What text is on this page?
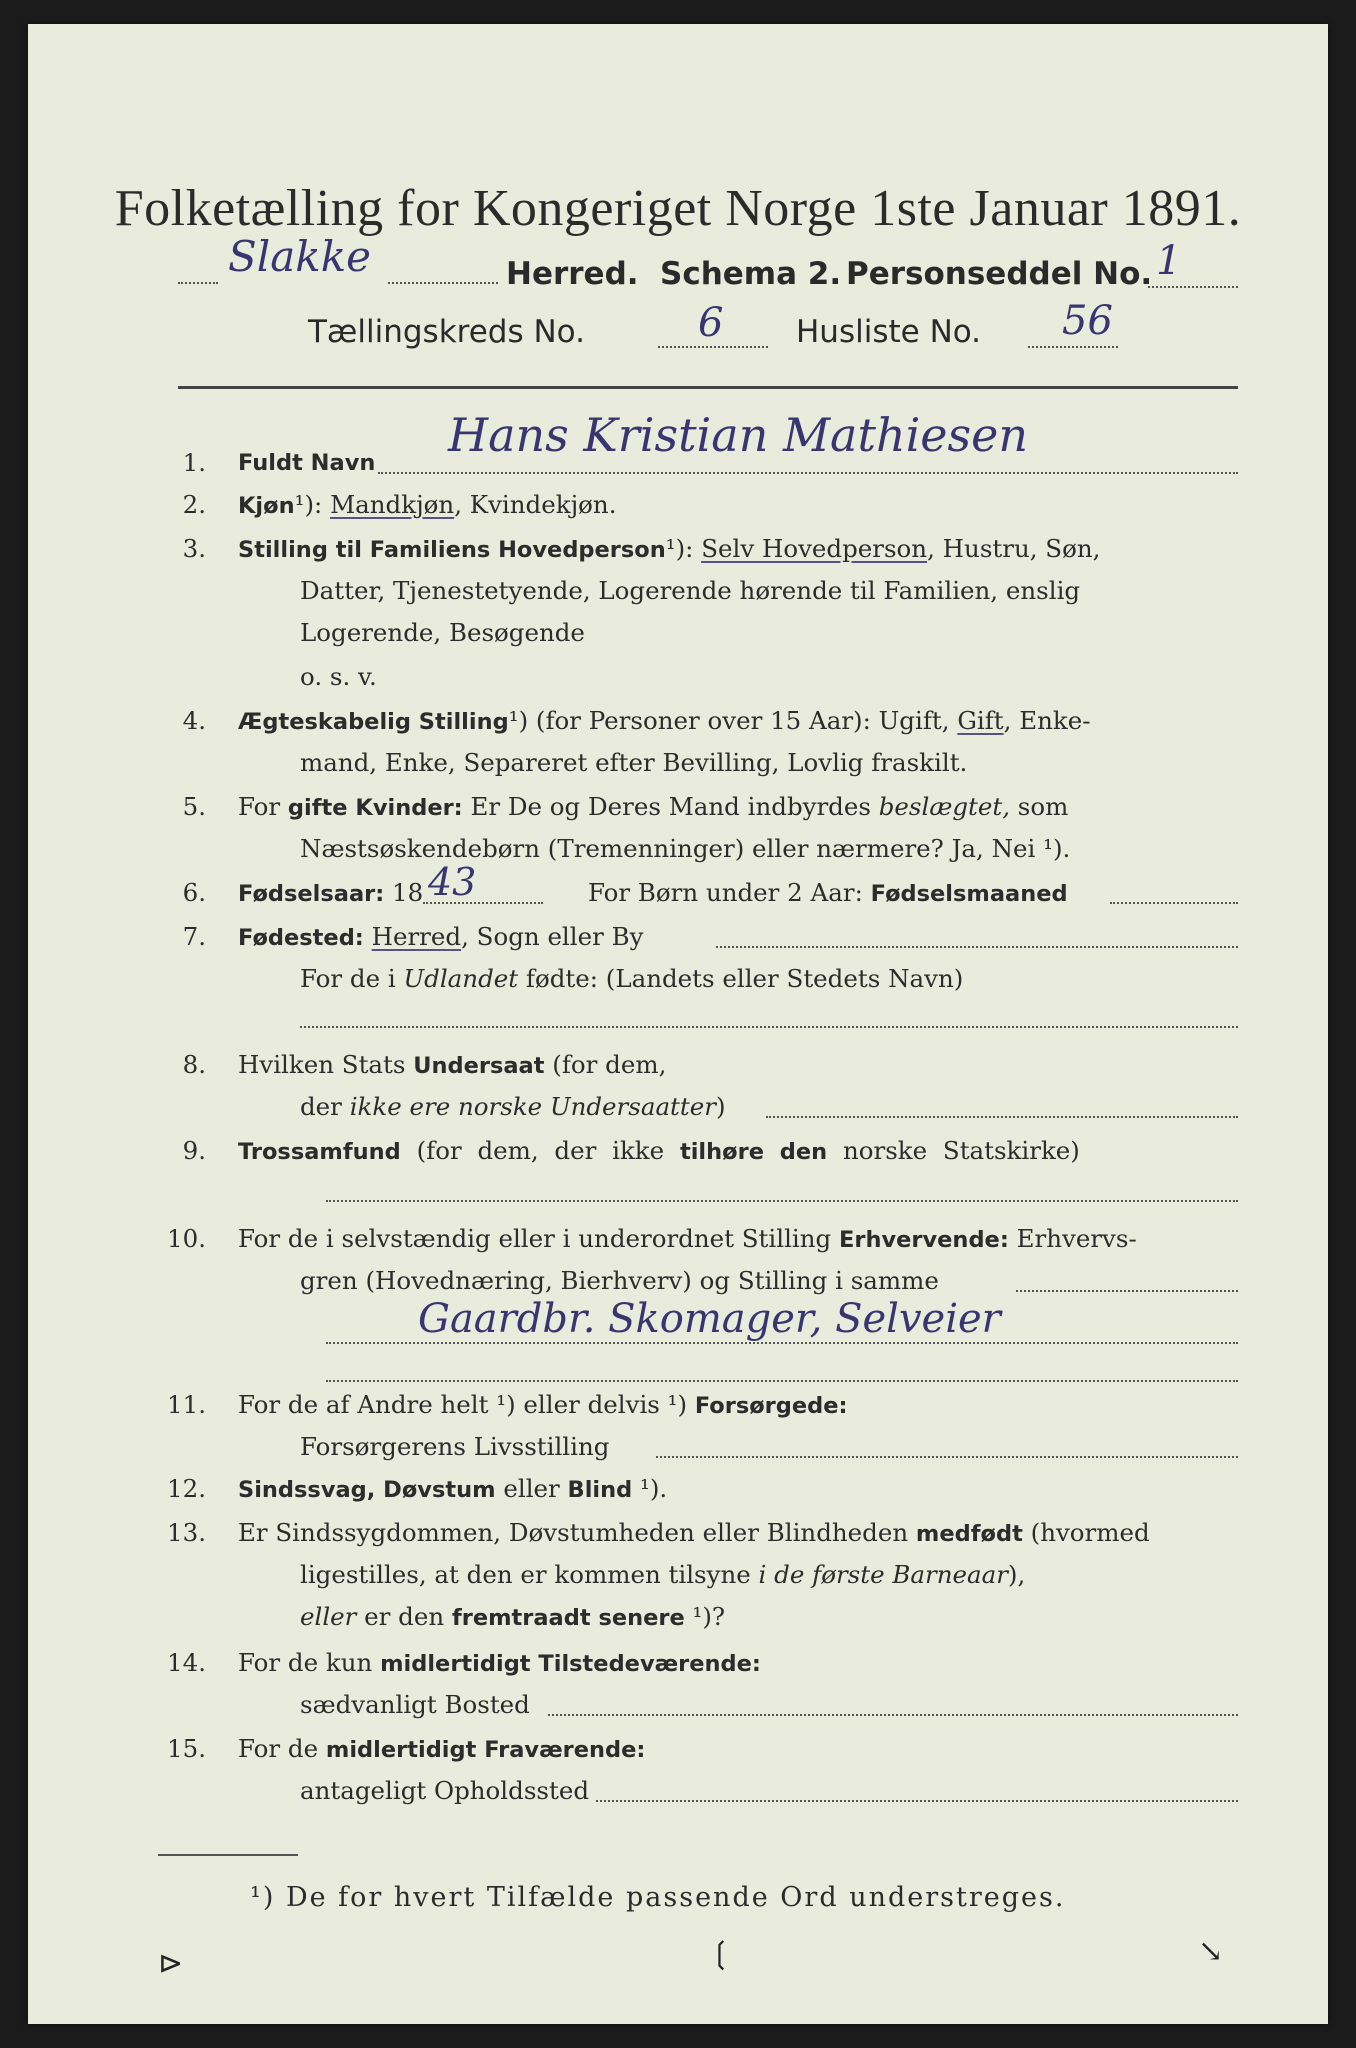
Folketælling for Kongeriget Norge 1ste Januar 1891.
Slakke	Herred. Schema 2. Personseddel No. 1
Tællingskreds No.	6 Husliste No. 56
1. Fuldt Navn
Hans Kristian Mathiesen
2. Kjøn¹): Mandkjøn, Kvindekjøn.
3. Stilling til Familiens Hovedperson¹): Selv Hovedperson, Hustru, Søn,
Datter, Tjenestetyende, Logerende hørende til Familien, enslig
Logerende, Besøgende
o. s. v.
4. Ægteskabelig Stilling¹) (for Personer over 15 Aar): Ugift, Gift, Enke-
mand, Enke, Separeret efter Bevilling, Lovlig fraskilt.
5. For gifte Kvinder: Er De og Deres Mand indbyrdes beslægtet, som
Næstsøskendebørn (Tremenninger) eller nærmere? Ja, Nei ¹).
6. Fødselsaar: 18 43	For Børn under 2 Aar: Fødselsmaaned
7. Fødested: Herred, Sogn eller By
For de i Udlandet fødte: (Landets eller Stedets Navn)
8. Hvilken Stats Undersaat (for dem,
der ikke ere norske Undersaatter)
9. Trossamfund (for dem, der ikke tilhøre den norske Statskirke)
10. For de i selvstændig eller i underordnet Stilling Erhvervende: Erhvervs-
gren (Hovednæring, Bierhverv) og Stilling i samme
Gaardbr. Skomager, Selveier
11. For de af Andre helt ¹) eller delvis ¹) Forsørgede:
Forsørgerens Livsstilling
12. Sindssvag, Døvstum eller Blind ¹).
13. Er Sindssygdommen, Døvstumheden eller Blindheden medfødt (hvormed
ligestilles, at den er kommen tilsyne i de første Barneaar),
eller er den fremtraadt senere ¹)?
14. For de kun midlertidigt Tilstedeværende:
sædvanligt Bosted
15. For de midlertidigt Fraværende:
antageligt Opholdssted
¹) De for hvert Tilfælde passende Ord understreges.
⊳	❲	↘
